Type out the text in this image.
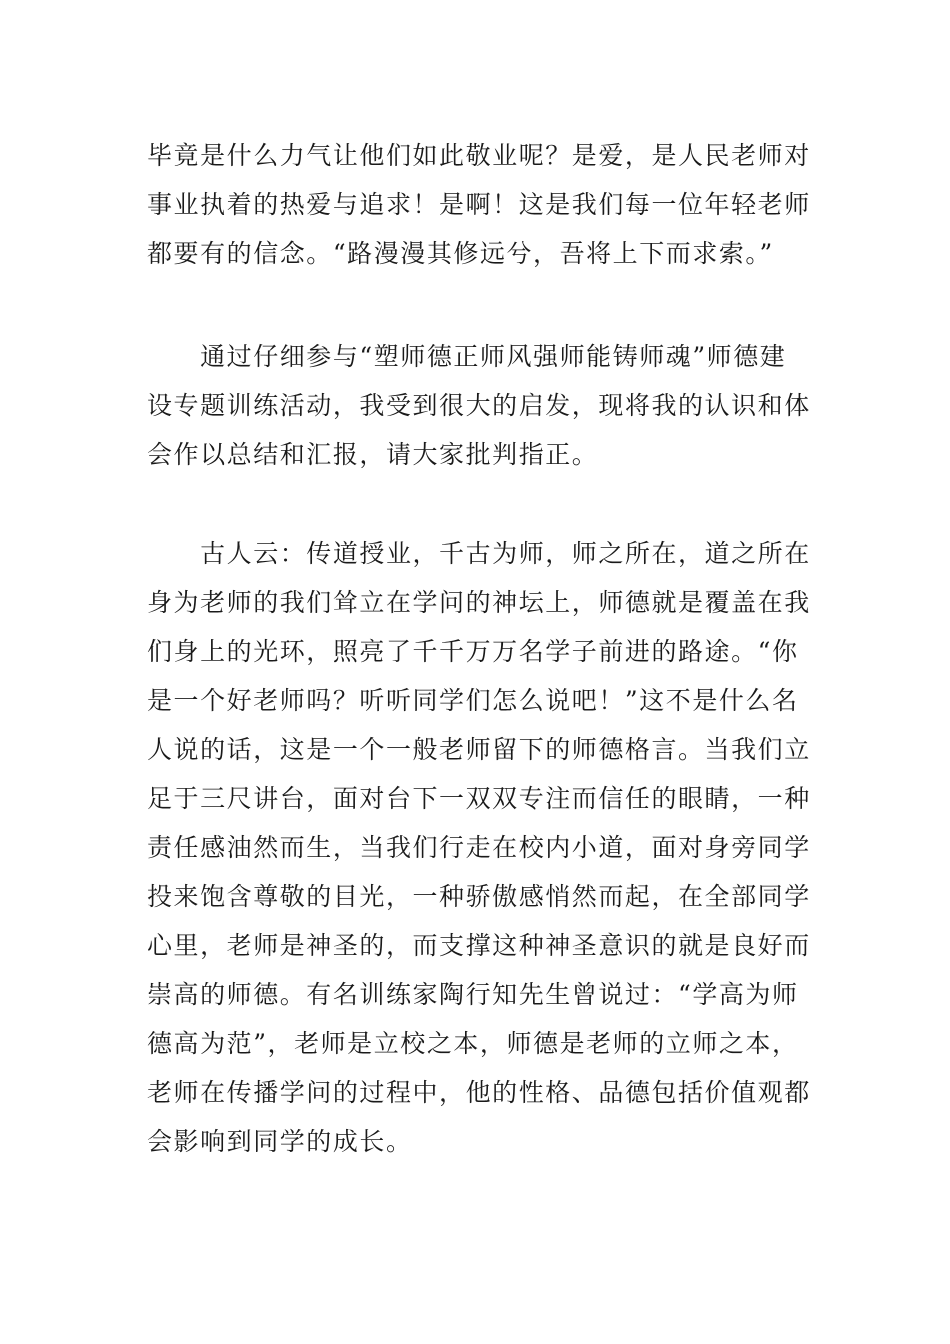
毕竟是什么力气让他们如此敬业呢？是爱，是人民老师对
事业执着的热爱与追求！是啊！这是我们每一位年轻老师
都要有的信念。“路漫漫其修远兮，吾将上下而求索。”
　　通过仔细参与“塑师德正师风强师能铸师魂”师德建
设专题训练活动，我受到很大的启发，现将我的认识和体
会作以总结和汇报，请大家批判指正。
　　古人云：传道授业，千古为师，师之所在，道之所在
身为老师的我们耸立在学问的神坛上，师德就是覆盖在我
们身上的光环，照亮了千千万万名学子前进的路途。“你
是一个好老师吗？听听同学们怎么说吧！”这不是什么名
人说的话，这是一个一般老师留下的师德格言。当我们立
足于三尺讲台，面对台下一双双专注而信任的眼睛，一种
责任感油然而生，当我们行走在校内小道，面对身旁同学
投来饱含尊敬的目光，一种骄傲感悄然而起，在全部同学
心里，老师是神圣的，而支撑这种神圣意识的就是良好而
崇高的师德。有名训练家陶行知先生曾说过：“学高为师
德高为范”，老师是立校之本，师德是老师的立师之本，
老师在传播学问的过程中，他的性格、品德包括价值观都
会影响到同学的成长。
